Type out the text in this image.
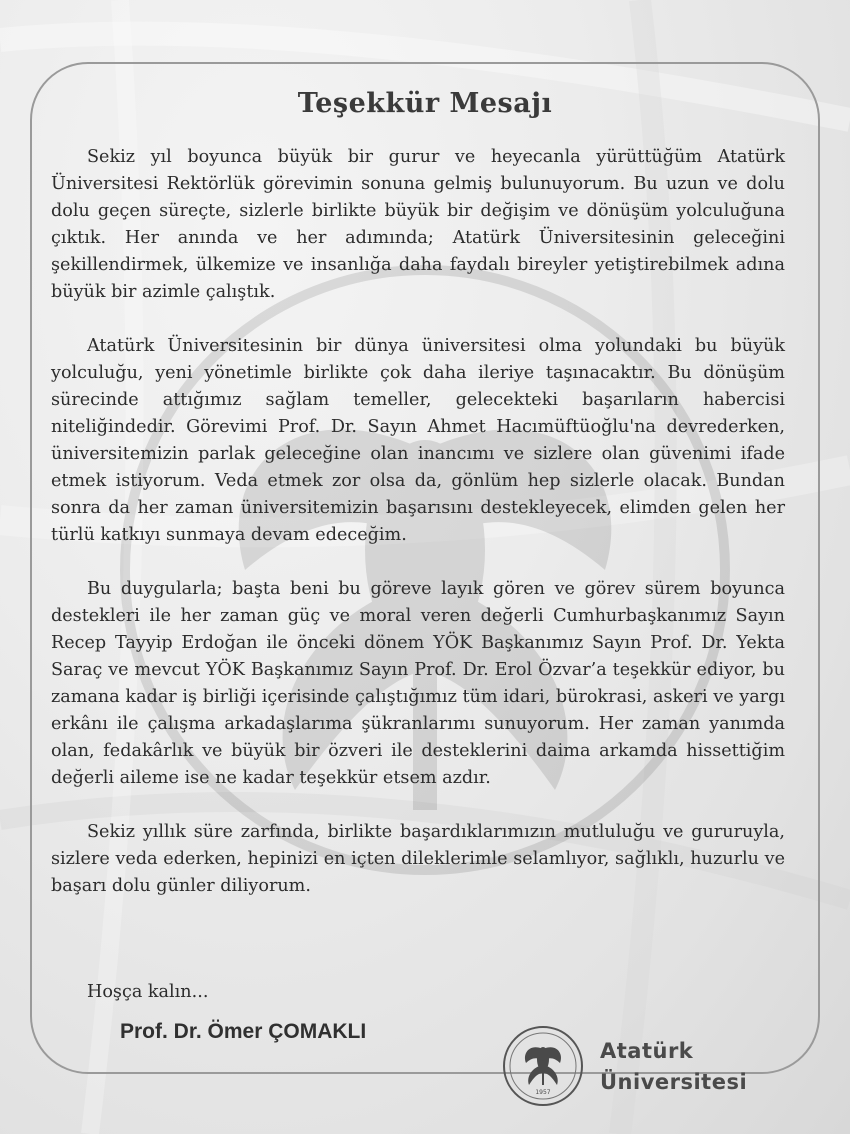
Teşekkür Mesajı

Sekiz yıl boyunca büyük bir gurur ve heyecanla yürüttüğüm Atatürk Üniversitesi Rektörlük görevimin sonuna gelmiş bulunuyorum. Bu uzun ve dolu dolu geçen süreçte, sizlerle birlikte büyük bir değişim ve dönüşüm yolculuğuna çıktık. Her anında ve her adımında; Atatürk Üniversitesinin geleceğini şekillendirmek, ülkemize ve insanlığa daha faydalı bireyler yetiştirebilmek adına büyük bir azimle çalıştık.

Atatürk Üniversitesinin bir dünya üniversitesi olma yolundaki bu büyük yolculuğu, yeni yönetimle birlikte çok daha ileriye taşınacaktır. Bu dönüşüm sürecinde attığımız sağlam temeller, gelecekteki başarıların habercisi niteliğindedir. Görevimi Prof. Dr. Sayın Ahmet Hacımüftüoğlu'na devrederken, üniversitemizin parlak geleceğine olan inancımı ve sizlere olan güvenimi ifade etmek istiyorum. Veda etmek zor olsa da, gönlüm hep sizlerle olacak. Bundan sonra da her zaman üniversitemizin başarısını destekleyecek, elimden gelen her türlü katkıyı sunmaya devam edeceğim.

Bu duygularla; başta beni bu göreve layık gören ve görev sürem boyunca destekleri ile her zaman güç ve moral veren değerli Cumhurbaşkanımız Sayın Recep Tayyip Erdoğan ile önceki dönem YÖK Başkanımız Sayın Prof. Dr. Yekta Saraç ve mevcut YÖK Başkanımız Sayın Prof. Dr. Erol Özvar’a teşekkür ediyor, bu zamana kadar iş birliği içerisinde çalıştığımız tüm idari, bürokrasi, askeri ve yargı erkânı ile çalışma arkadaşlarıma şükranlarımı sunuyorum. Her zaman yanımda olan, fedakârlık ve büyük bir özveri ile desteklerini daima arkamda hissettiğim değerli aileme ise ne kadar teşekkür etsem azdır.

Sekiz yıllık süre zarfında, birlikte başardıklarımızın mutluluğu ve gururuyla, sizlere veda ederken, hepinizi en içten dileklerimle selamlıyor, sağlıklı, huzurlu ve başarı dolu günler diliyorum.

Hoşça kalın...
Prof. Dr. Ömer ÇOMAKLI
1957
Atatürk
Üniversitesi
